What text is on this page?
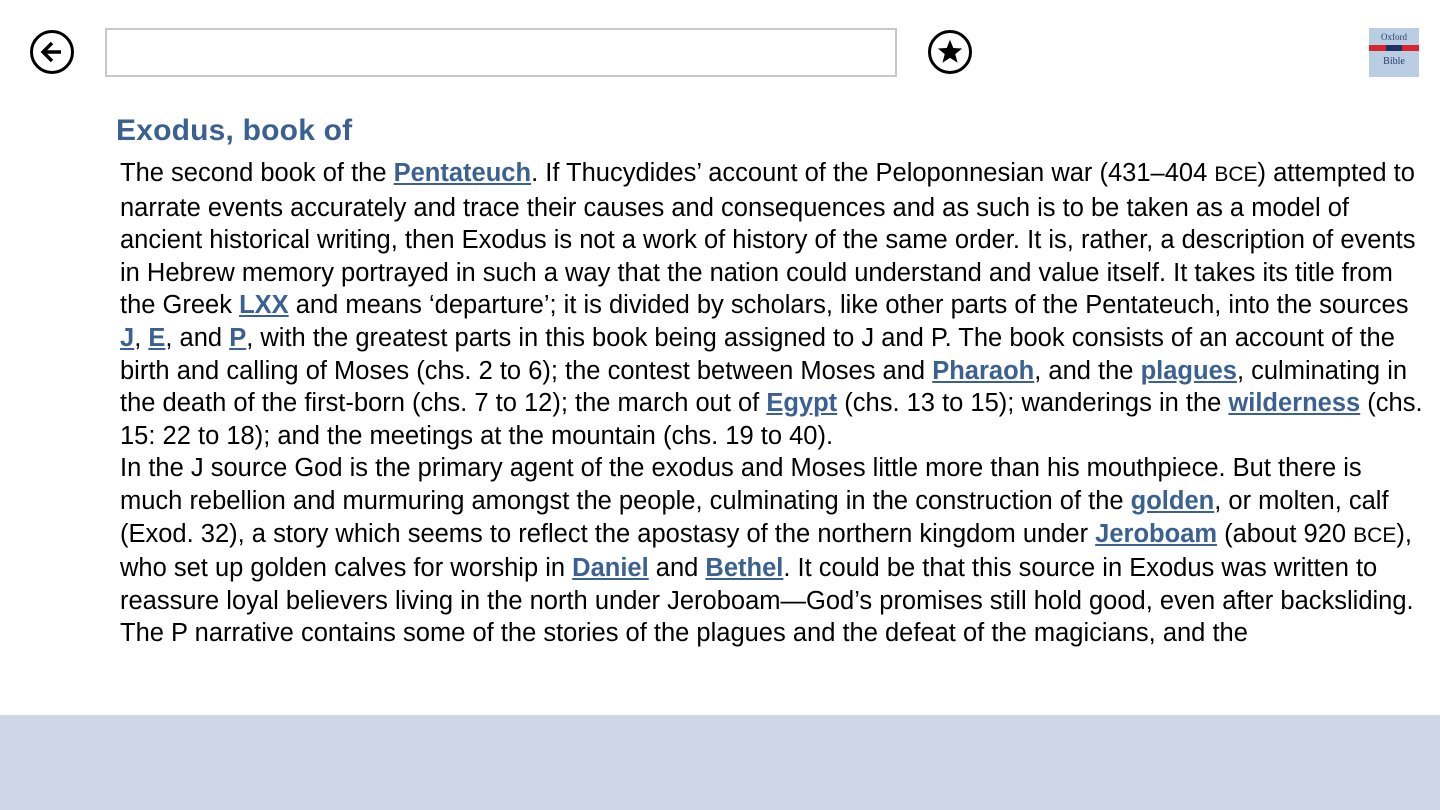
Oxford
Bible
Exodus, book of

The second book of the Pentateuch. If Thucydides’ account of the Peloponnesian war (431–404 BCE) attempted to narrate events accurately and trace their causes and consequences and as such is to be taken as a model of ancient historical writing, then Exodus is not a work of history of the same order. It is, rather, a description of events in Hebrew memory portrayed in such a way that the nation could understand and value itself. It takes its title from the Greek LXX and means ‘departure’; it is divided by scholars, like other parts of the Pentateuch, into the sources J, E, and P, with the greatest parts in this book being assigned to J and P. The book consists of an account of the birth and calling of Moses (chs. 2 to 6); the contest between Moses and Pharaoh, and the plagues, culminating in the death of the first-born (chs. 7 to 12); the march out of Egypt (chs. 13 to 15); wanderings in the wilderness (chs. 15: 22 to 18); and the meetings at the mountain (chs. 19 to 40).

In the J source God is the primary agent of the exodus and Moses little more than his mouthpiece. But there is much rebellion and murmuring amongst the people, culminating in the construction of the golden, or molten, calf (Exod. 32), a story which seems to reflect the apostasy of the northern kingdom under Jeroboam (about 920 BCE), who set up golden calves for worship in Daniel and Bethel. It could be that this source in Exodus was written to reassure loyal believers living in the north under Jeroboam—God’s promises still hold good, even after backsliding.

The P narrative contains some of the stories of the plagues and the defeat of the magicians, and the
